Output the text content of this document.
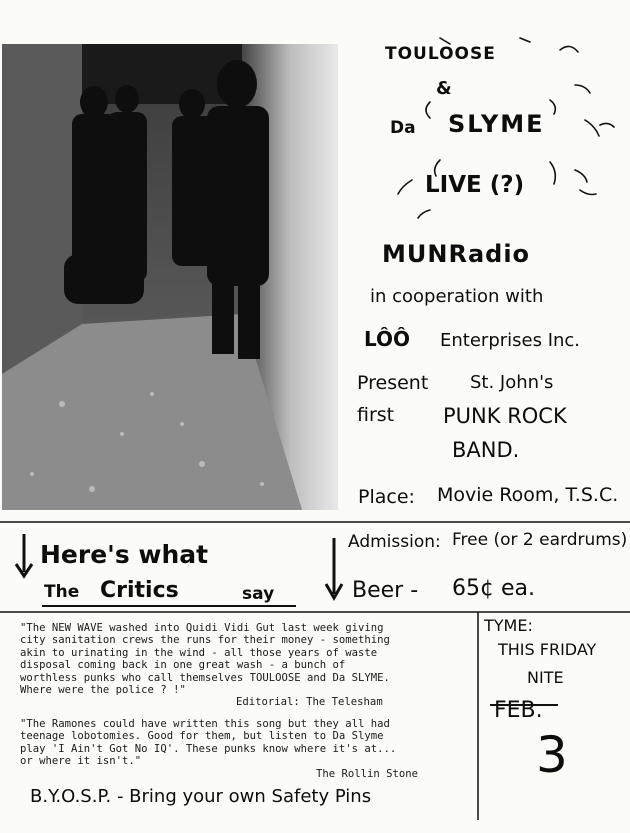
TOULOOSE
&
Da SLYME
LIVE (?)
MUNRadio
in cooperation with
LÔÔ Enterprises Inc.
Present St. John's
first PUNK ROCK
BAND.
Place: Movie Room, T.S.C.
Admission: Free (or 2 eardrums)
Beer - 65¢ ea.
Here's what
The Critics	say
"The NEW WAVE washed into Quidi Vidi Gut last week giving
city sanitation crews the runs for their money - something
akin to urinating in the wind - all those years of waste
disposal coming back in one great wash - a bunch of
worthless punks who call themselves TOULOOSE and Da SLYME.
Where were the police ? !"
Editorial: The Telesham
"The Ramones could have written this song but they all had
teenage lobotomies. Good for them, but listen to Da Slyme
play 'I Ain't Got No IQ'. These punks know where it's at...
or where it isn't."
The Rollin Stone
B.Y.O.S.P. - Bring your own Safety Pins
TYME:
THIS FRIDAY
NITE
FEB.
3
